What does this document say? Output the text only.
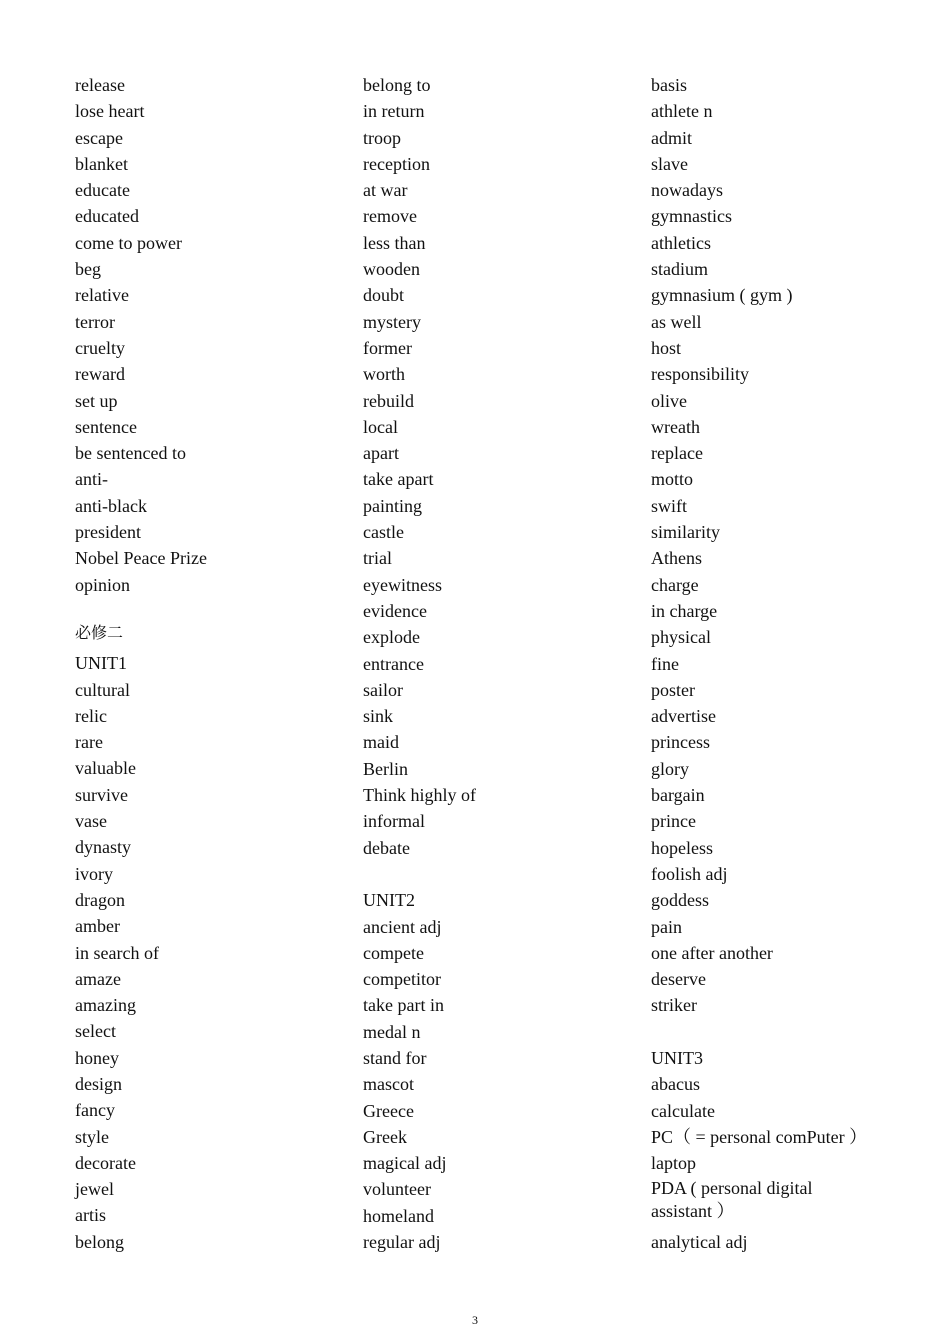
release
lose heart
escape
blanket
educate
educated
come to power
beg
relative
terror
cruelty
reward
set up
sentence
be sentenced to
anti-
anti-black
president
Nobel Peace Prize
opinion
必修二
UNIT1
cultural
relic
rare
valuable
survive
vase
dynasty
ivory
dragon
amber
in search of
amaze
amazing
select
honey
design
fancy
style
decorate
jewel
artis
belong
belong to
in return
troop
reception
at war
remove
less than
wooden
doubt
mystery
former
worth
rebuild
local
apart
take apart
painting
castle
trial
eyewitness
evidence
explode
entrance
sailor
sink
maid
Berlin
Think highly of
informal
debate
UNIT2
ancient adj
compete
competitor
take part in
medal n
stand for
mascot
Greece
Greek
magical adj
volunteer
homeland
regular adj
basis
athlete n
admit
slave
nowadays
gymnastics
athletics
stadium
gymnasium ( gym )
as well
host
responsibility
olive
wreath
replace
motto
swift
similarity
Athens
charge
in charge
physical
fine
poster
advertise
princess
glory
bargain
prince
hopeless
foolish adj
goddess
pain
one after another
deserve
striker
UNIT3
abacus
calculate
PC（ = personal comPuter ）
laptop
PDA ( personal digital
assistant ）
analytical adj
3
